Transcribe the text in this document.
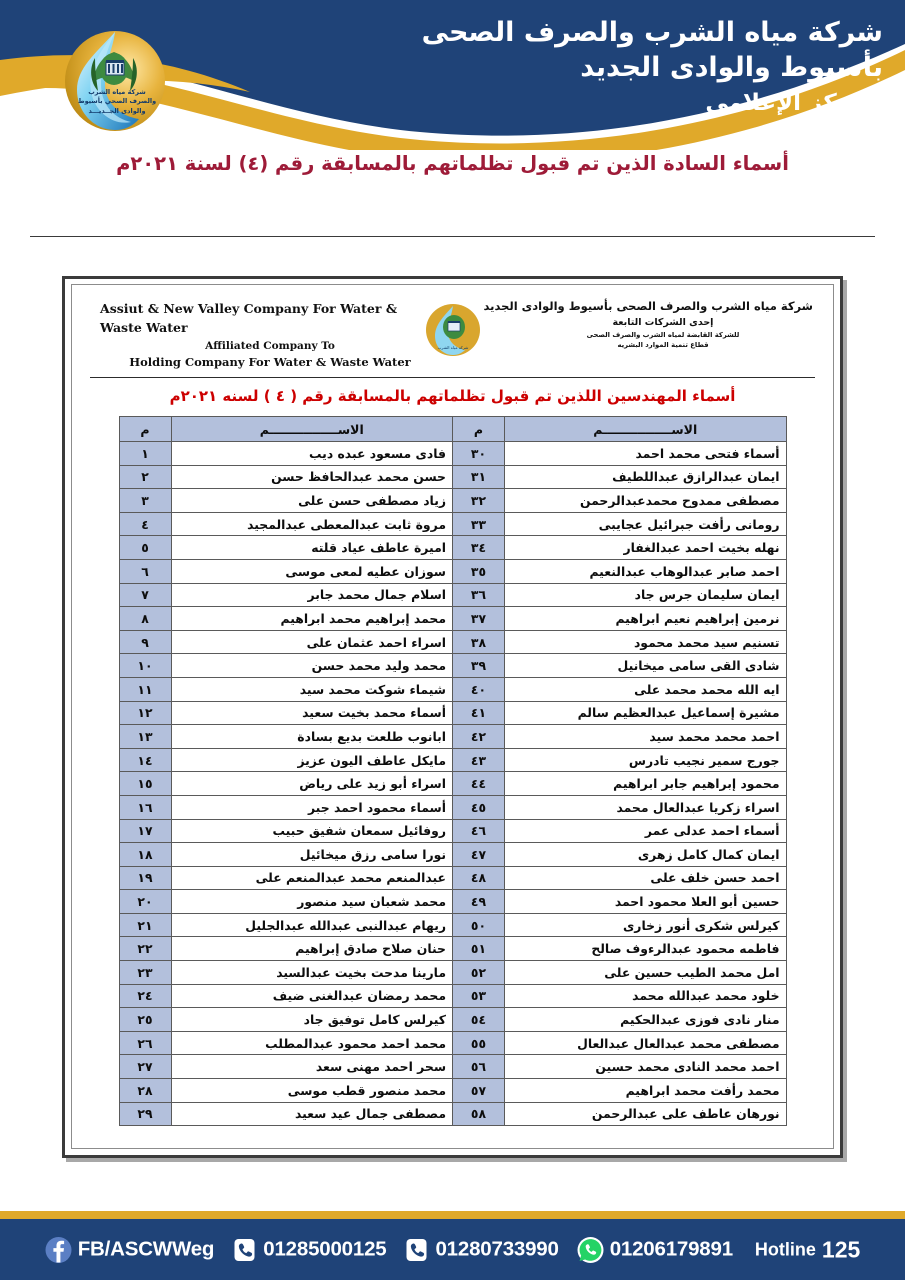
شركة مياه الشرب
والصرف الصحي بأسيوط
والوادى الجــديـــد
شركة مياه الشرب والصرف الصحى
بأسيوط والوادى الجديد
المركز الإعلامي
أسماء السادة الذين تم قبول تظلماتهم بالمسابقة رقم (٤) لسنة ٢٠٢١م
Assiut & New Valley Company For Water & Waste Water
Affiliated Company To
Holding Company For Water & Waste Water
شركة مياه الشرب
شركة مياه الشرب والصرف الصحى بأسيوط والوادى الجديد
إحدى الشركات التابعة
للشركة القابضة لمياه الشرب والصرف الصحى
قطاع تنمية الموارد البشريه
أسماء المهندسين اللذين تم قبول تظلماتهم بالمسابقة رقم ( ٤ ) لسنه ٢٠٢١م
الاســــــــــــــــم	م	الاســــــــــــــــم	م
أسماء فتحى محمد احمد	٣٠	فادى مسعود عبده ديب	١
ايمان عبدالرازق عبداللطيف	٣١	حسن محمد عبدالحافظ حسن	٢
مصطفى ممدوح محمدعبدالرحمن	٣٢	زياد مصطفى حسن على	٣
رومانى رأفت جبرائيل عجايبى	٣٣	مروة ثابت عبدالمعطى عبدالمجيد	٤
نهله بخيت احمد عبدالغفار	٣٤	اميرة عاطف عياد قلته	٥
احمد صابر عبدالوهاب عبدالنعيم	٣٥	سوزان عطيه لمعى موسى	٦
ايمان سليمان جرس جاد	٣٦	اسلام جمال محمد جابر	٧
نرمين إبراهيم نعيم ابراهيم	٣٧	محمد إبراهيم محمد ابراهيم	٨
تسنيم سيد محمد محمود	٣٨	اسراء احمد عثمان على	٩
شادى القى سامى ميخانيل	٣٩	محمد وليد محمد حسن	١٠
ايه الله محمد محمد على	٤٠	شيماء شوكت محمد سيد	١١
مشيرة إسماعيل عبدالعظيم سالم	٤١	أسماء محمد بخيت سعيد	١٢
احمد محمد محمد سيد	٤٢	ابانوب طلعت بديع بسادة	١٣
جورج سمير نجيب تادرس	٤٣	مايكل عاطف اليون عزيز	١٤
محمود إبراهيم جابر ابراهيم	٤٤	اسراء أبو زيد على رياض	١٥
اسراء زكريا عبدالعال محمد	٤٥	أسماء محمود احمد جبر	١٦
أسماء احمد عدلى عمر	٤٦	روفائيل سمعان شفيق حبيب	١٧
ايمان كمال كامل زهرى	٤٧	نورا سامى رزق ميخائيل	١٨
احمد حسن خلف على	٤٨	عبدالمنعم محمد عبدالمنعم على	١٩
حسين أبو العلا محمود احمد	٤٩	محمد شعبان سيد منصور	٢٠
كيرلس شكرى أنور زخارى	٥٠	ريهام عبدالنبى عبدالله عبدالجليل	٢١
فاطمه محمود عبدالرءوف صالح	٥١	حنان صلاح صادق إبراهيم	٢٢
امل محمد الطيب حسين على	٥٢	مارينا مدحت بخيت عبدالسيد	٢٣
خلود محمد عبدالله محمد	٥٣	محمد رمضان عبدالغنى ضيف	٢٤
منار نادى فوزى عبدالحكيم	٥٤	كيرلس كامل توفيق جاد	٢٥
مصطفى محمد عبدالعال عبدالعال	٥٥	محمد احمد محمود عبدالمطلب	٢٦
احمد محمد النادى محمد حسين	٥٦	سحر احمد مهنى سعد	٢٧
محمد رأفت محمد ابراهيم	٥٧	محمد منصور قطب موسى	٢٨
نورهان عاطف على عبدالرحمن	٥٨	مصطفى جمال عيد سعيد	٢٩
FB/ASCWWeg 01285000125 01280733990 01206179891 Hotline 125
